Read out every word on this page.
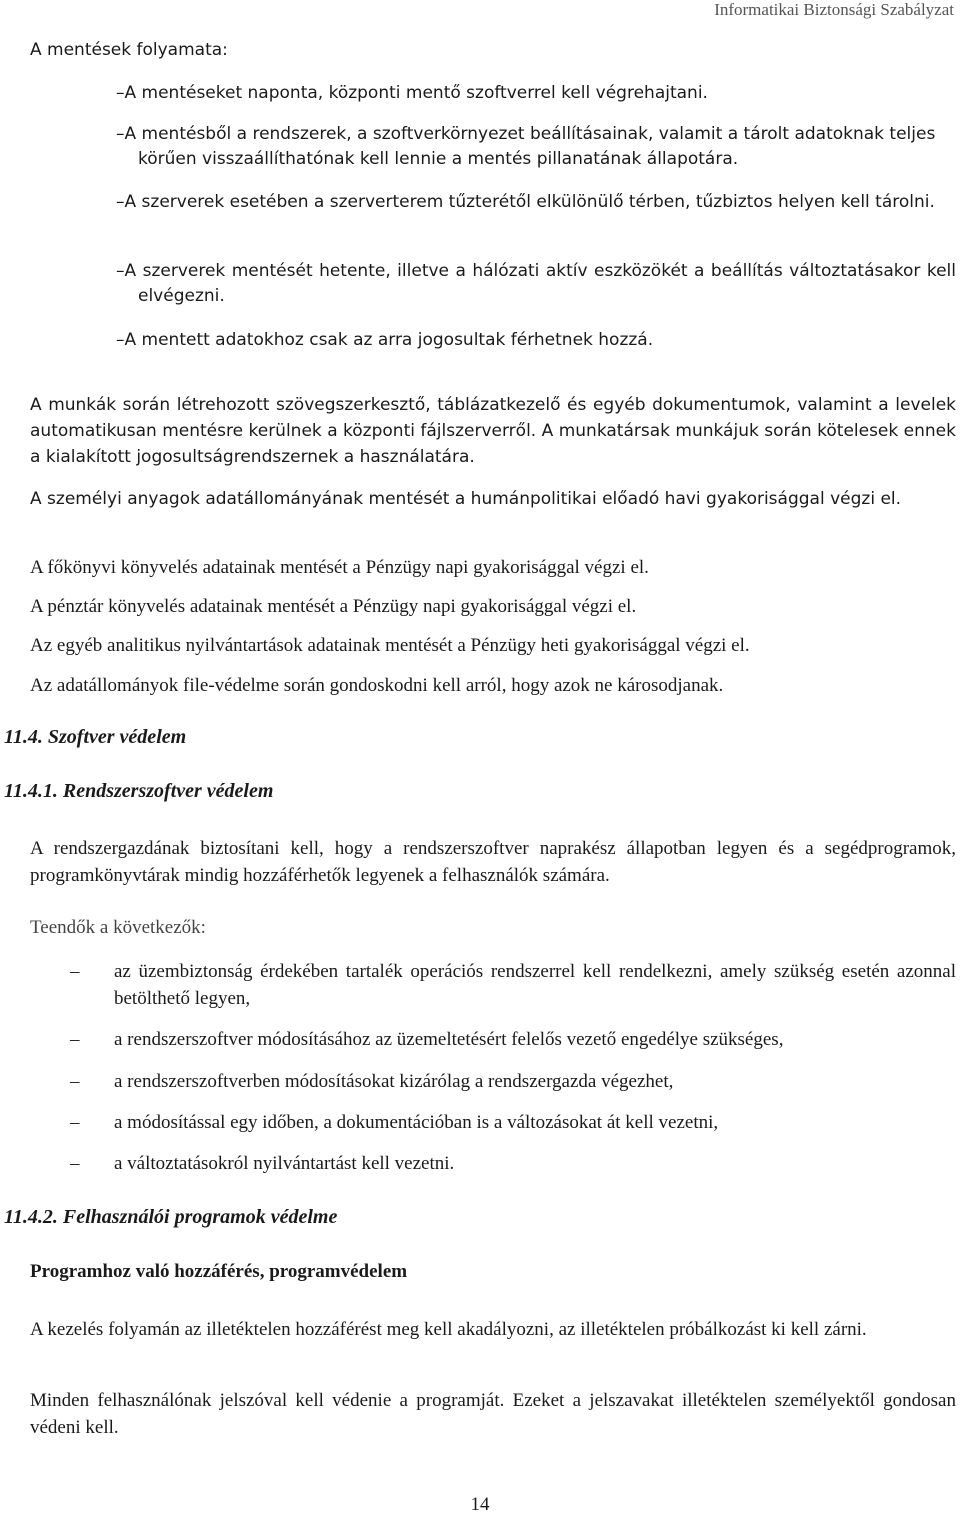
Informatikai Biztonsági Szabályzat
A mentések folyamata:
–A mentéseket naponta, központi mentő szoftverrel kell végrehajtani.
–A mentésből a rendszerek, a szoftverkörnyezet beállításainak, valamit a tárolt adatoknak teljes körűen visszaállíthatónak kell lennie a mentés pillanatának állapotára.
–A szerverek esetében a szerverterem tűzterétől elkülönülő térben, tűzbiztos helyen kell tárolni.
–A szerverek mentését hetente, illetve a hálózati aktív eszközökét a beállítás változtatásakor kell elvégezni.
–A mentett adatokhoz csak az arra jogosultak férhetnek hozzá.
A munkák során létrehozott szövegszerkesztő, táblázatkezelő és egyéb dokumentumok, valamint a levelek automatikusan mentésre kerülnek a központi fájlszerverről. A munkatársak munkájuk során kötelesek ennek a kialakított jogosultságrendszernek a használatára.
A személyi anyagok adatállományának mentését a humánpolitikai előadó havi gyakorisággal végzi el.
A főkönyvi könyvelés adatainak mentését a Pénzügy napi gyakorisággal végzi el.
A pénztár könyvelés adatainak mentését a Pénzügy napi gyakorisággal végzi el.
Az egyéb analitikus nyilvántartások adatainak mentését a Pénzügy heti gyakorisággal végzi el.
Az adatállományok file-védelme során gondoskodni kell arról, hogy azok ne károsodjanak.
11.4. Szoftver védelem
11.4.1. Rendszerszoftver védelem
A rendszergazdának biztosítani kell, hogy a rendszerszoftver naprakész állapotban legyen és a segédprogramok, programkönyvtárak mindig hozzáférhetők legyenek a felhasználók számára.
Teendők a következők:
–	az üzembiztonság érdekében tartalék operációs rendszerrel kell rendelkezni, amely szükség esetén azonnal betölthető legyen,
–	a rendszerszoftver módosításához az üzemeltetésért felelős vezető engedélye szükséges,
–	a rendszerszoftverben módosításokat kizárólag a rendszergazda végezhet,
–	a módosítással egy időben, a dokumentációban is a változásokat át kell vezetni,
–	a változtatásokról nyilvántartást kell vezetni.
11.4.2. Felhasználói programok védelme
Programhoz való hozzáférés, programvédelem
A kezelés folyamán az illetéktelen hozzáférést meg kell akadályozni, az illetéktelen próbálkozást ki kell zárni.
Minden felhasználónak jelszóval kell védenie a programját. Ezeket a jelszavakat illetéktelen személyektől gondosan védeni kell.
14
